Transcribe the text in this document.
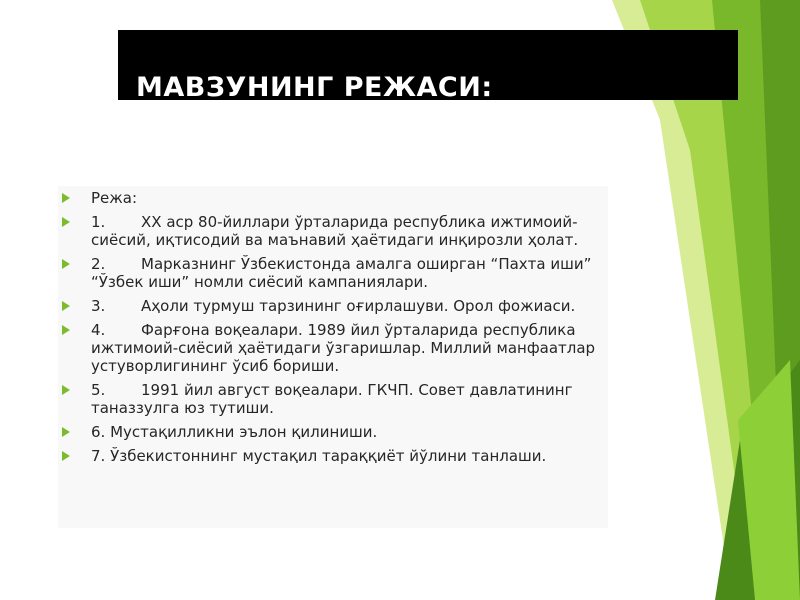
МАВЗУНИНГ РЕЖАСИ:
Режа:
1. XX аср 80-йиллари ўрталарида республика ижтимоий-сиёсий, иқтисодий ва маънавий ҳаётидаги инқирозли ҳолат.
2. Марказнинг Ўзбекистонда амалга оширган “Пахта иши” “Ўзбек иши” номли сиёсий кампаниялари.
3. Аҳоли турмуш тарзининг оғирлашуви. Орол фожиаси.
4. Фарғона воқеалари. 1989 йил ўрталарида республика ижтимоий-сиёсий ҳаётидаги ўзгаришлар. Миллий манфаатлар устуворлигининг ўсиб бориши.
5. 1991 йил август воқеалари. ГКЧП. Совет давлатининг таназзулга юз тутиши.
6. Мустақилликни эълон қилиниши.
7. Ўзбекистоннинг мустақил тараққиёт йўлини танлаши.
